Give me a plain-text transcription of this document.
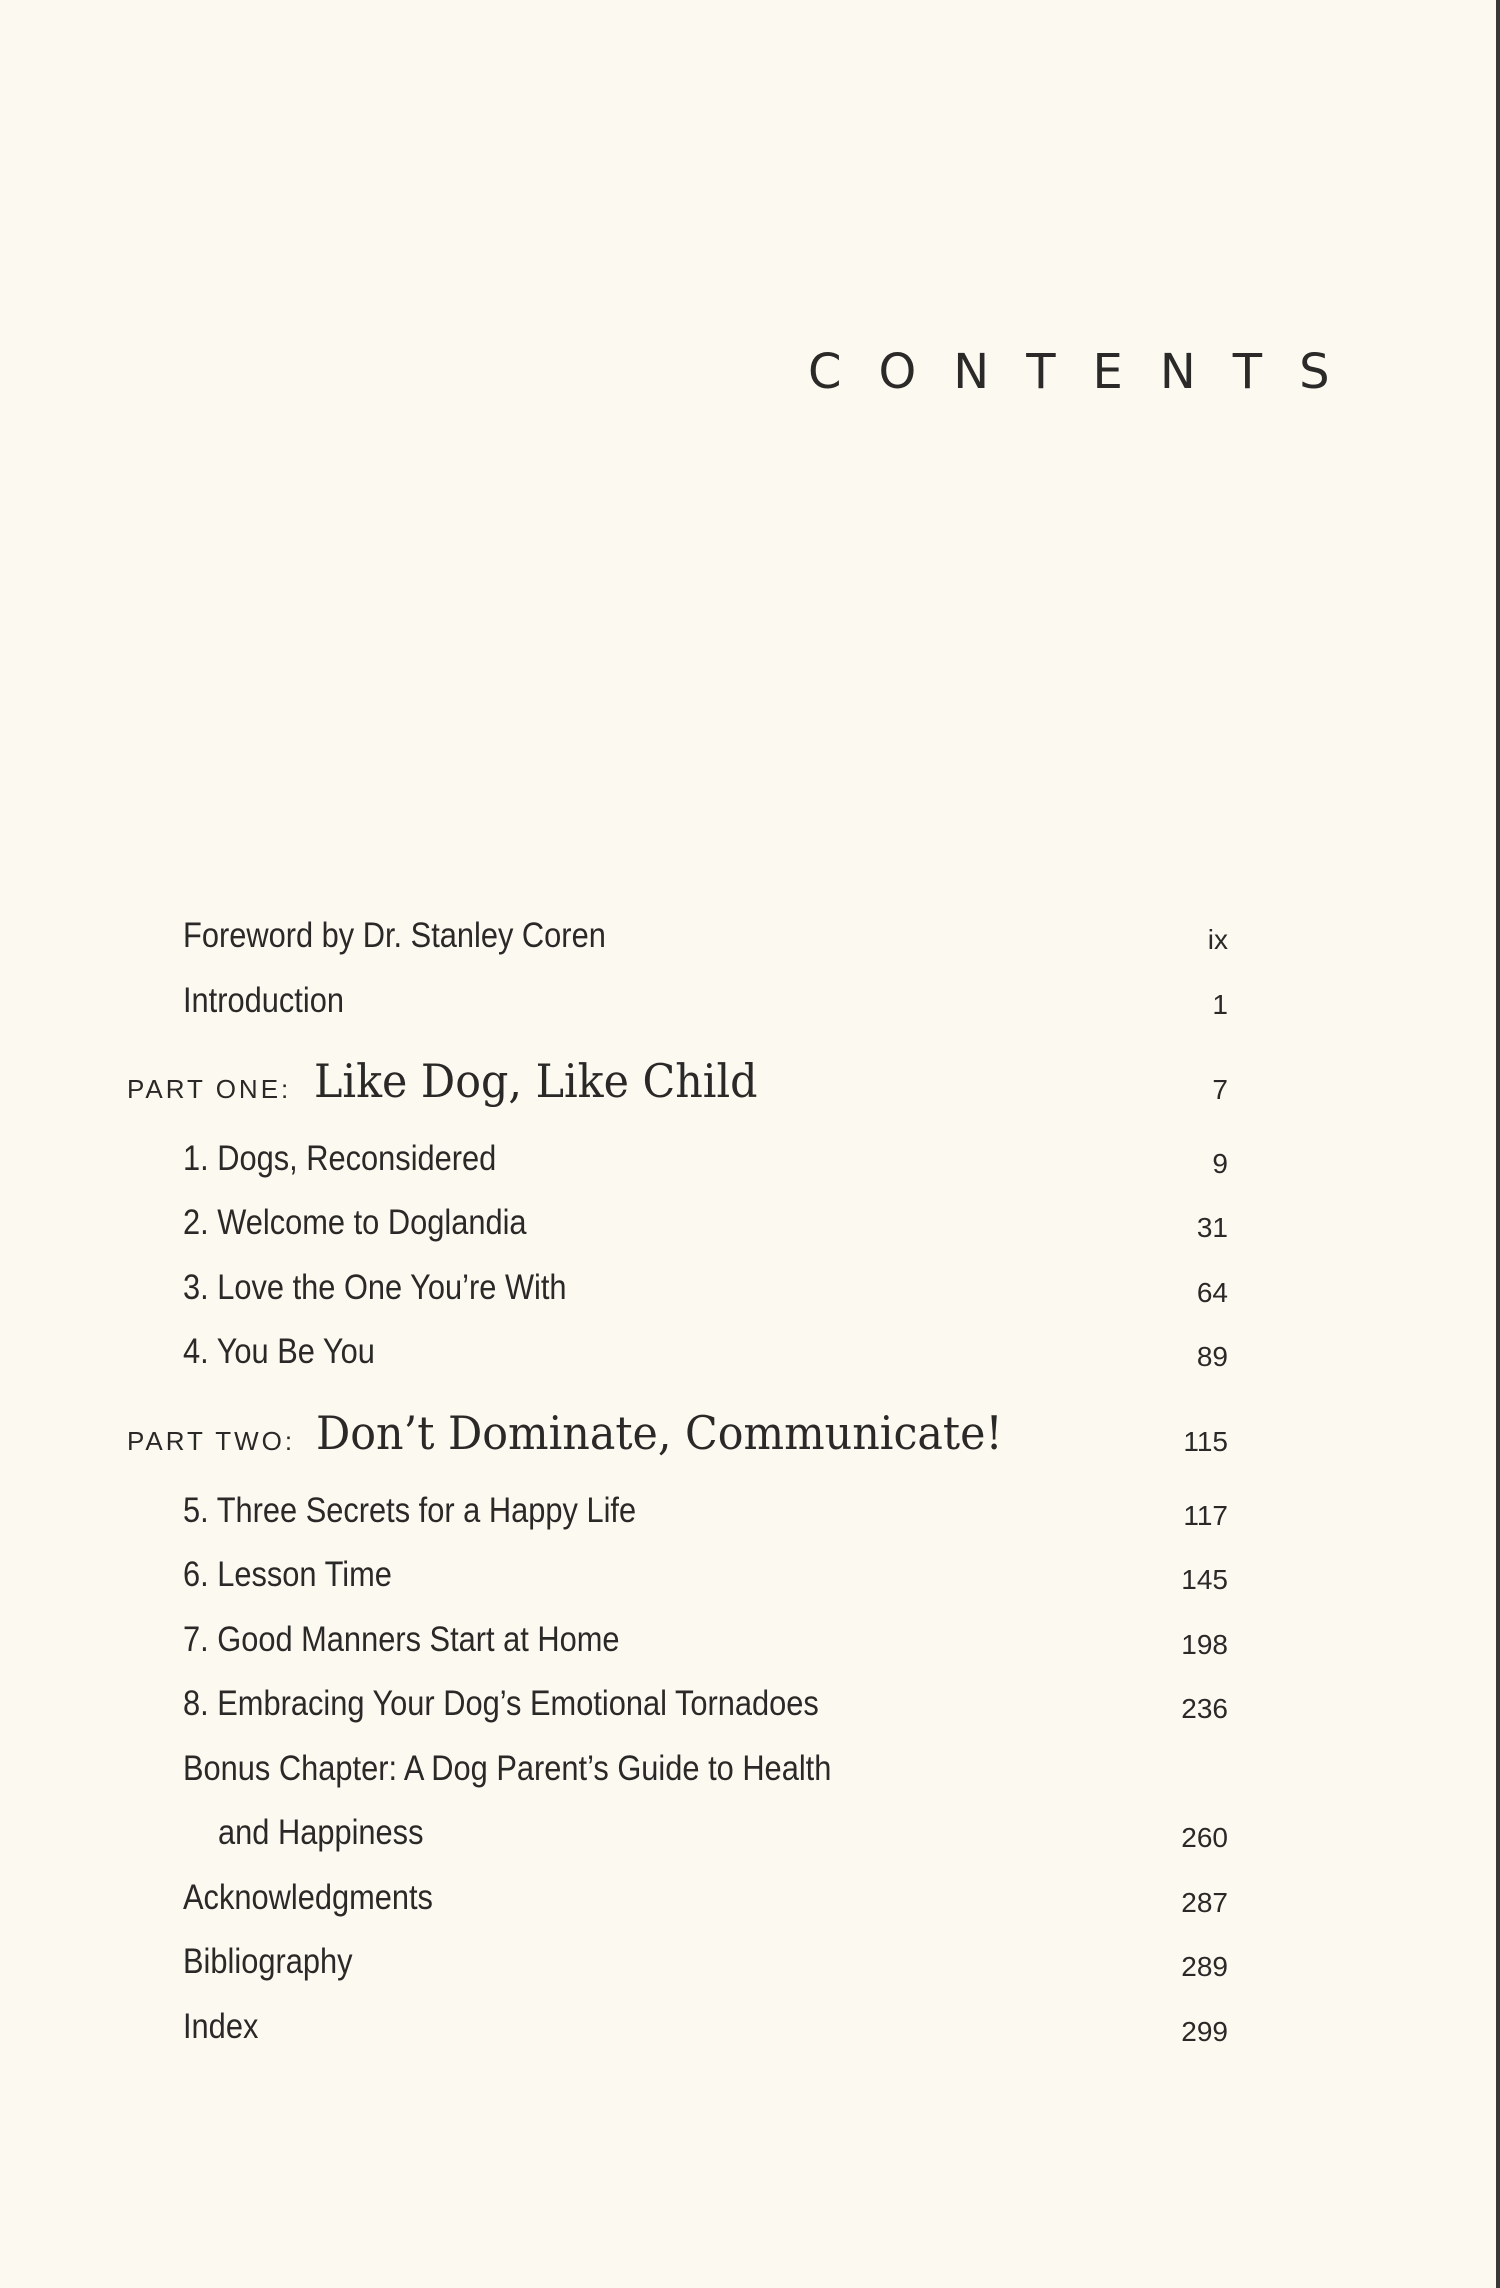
CONTENTS
Foreword by Dr. Stanley Coren	ix
Introduction	1
PART ONE: Like Dog, Like Child	7
1. Dogs, Reconsidered	9
2. Welcome to Doglandia	31
3. Love the One You’re With	64
4. You Be You	89
PART TWO: Don’t Dominate, Communicate!	115
5. Three Secrets for a Happy Life	117
6. Lesson Time	145
7. Good Manners Start at Home	198
8. Embracing Your Dog’s Emotional Tornadoes	236
Bonus Chapter: A Dog Parent’s Guide to Health
and Happiness	260
Acknowledgments	287
Bibliography	289
Index	299
